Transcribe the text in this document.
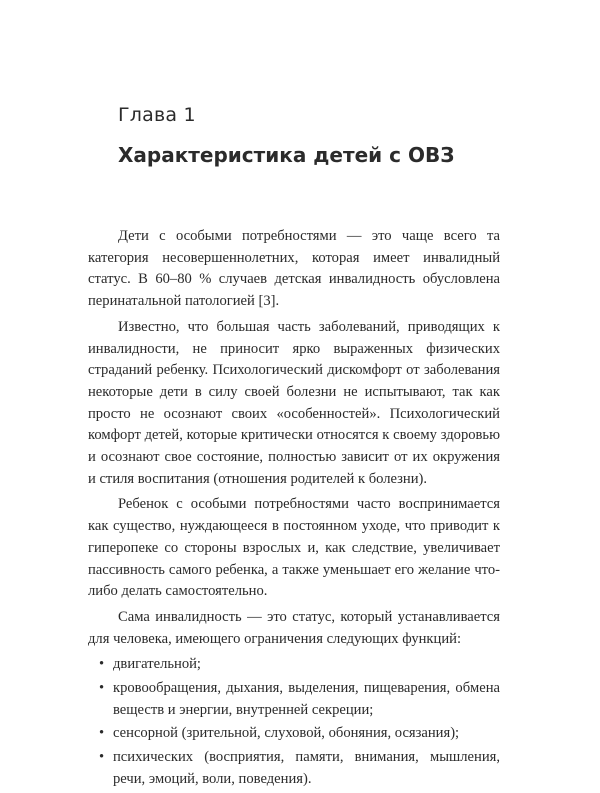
Глава 1
Характеристика детей с ОВЗ

Дети с особыми потребностями — это чаще всего та категория несовершеннолетних, которая имеет инвалидный статус. В 60–80 % случаев детская инвалидность обусловлена перинатальной патологией [3].

Известно, что большая часть заболеваний, приводящих к инвалидности, не приносит ярко выраженных физических страданий ребенку. Психологический дискомфорт от заболевания некоторые дети в силу своей болезни не испытывают, так как просто не осознают своих «особенностей». Психологический комфорт детей, которые критически относятся к своему здоровью и осознают свое состояние, полностью зависит от их окружения и стиля воспитания (отношения родителей к болезни).

Ребенок с особыми потребностями часто воспринимается как существо, нуждающееся в постоянном уходе, что приводит к гиперопеке со стороны взрослых и, как следствие, увеличивает пассивность самого ребенка, а также уменьшает его желание что-либо делать самостоятельно.

Сама инвалидность — это статус, который устанавливается для человека, имеющего ограничения следующих функций:

• двигательной;
• кровообращения, дыхания, выделения, пищеварения, обмена веществ и энергии, внутренней секреции;
• сенсорной (зрительной, слуховой, обоняния, осязания);
• психических (восприятия, памяти, внимания, мышления, речи, эмоций, воли, поведения).
